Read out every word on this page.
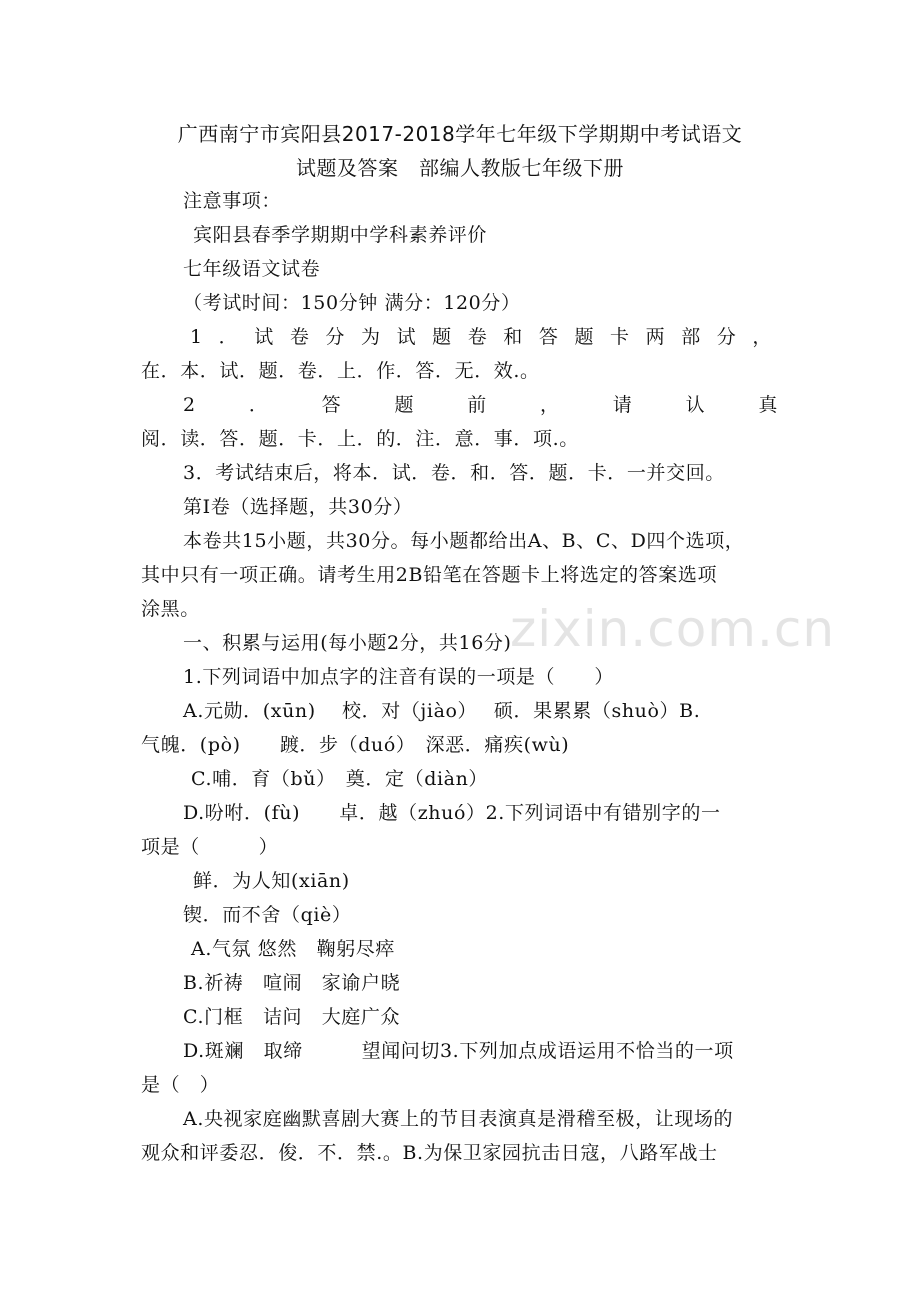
广西南宁市宾阳县2017-2018学年七年级下学期期中考试语文
试题及答案　部编人教版七年级下册
注意事项：
宾阳县春季学期期中学科素养评价
七年级语文试卷
（考试时间：150分钟 满分：120分）
1 ． 试 卷 分 为 试 题 卷 和 答 题 卡 两 部 分 ，
在．本．试．题．卷．上．作．答．无．效.。
2	．	答	题	前	，	请	认	真
阅．读．答．题．卡．上．的．注．意．事．项.。
3．考试结束后，将本．试．卷．和．答．题．卡．一并交回。
第Ⅰ卷（选择题，共30分）
本卷共15小题，共30分。每小题都给出A、B、C、D四个选项，
其中只有一项正确。请考生用2B铅笔在答题卡上将选定的答案选项
涂黑。
一、积累与运用(每小题2分，共16分)
1.下列词语中加点字的注音有误的一项是（　　）
A.元勋．(xūn)　 校．对（jiào）　 硕．果累累（shuò）B.
气魄．(pò)　　踱．步（duó）　深恶．痛疾(wù)
C.哺．育（bǔ）　奠．定（diàn）
D.吩咐．(fù)　　卓．越（zhuó）2.下列词语中有错别字的一
项是（　　　）
鲜．为人知(xiān)
锲．而不舍（qiè）
A.气氛 悠然　鞠躬尽瘁
B.祈祷　喧闹　家谕户晓
C.门框　诘问　大庭广众
D.斑斓　取缔　　　望闻问切3.下列加点成语运用不恰当的一项
是（　）
A.央视家庭幽默喜剧大赛上的节目表演真是滑稽至极，让现场的
观众和评委忍．俊．不．禁.。B.为保卫家园抗击日寇，八路军战士
zixin.com.cn
